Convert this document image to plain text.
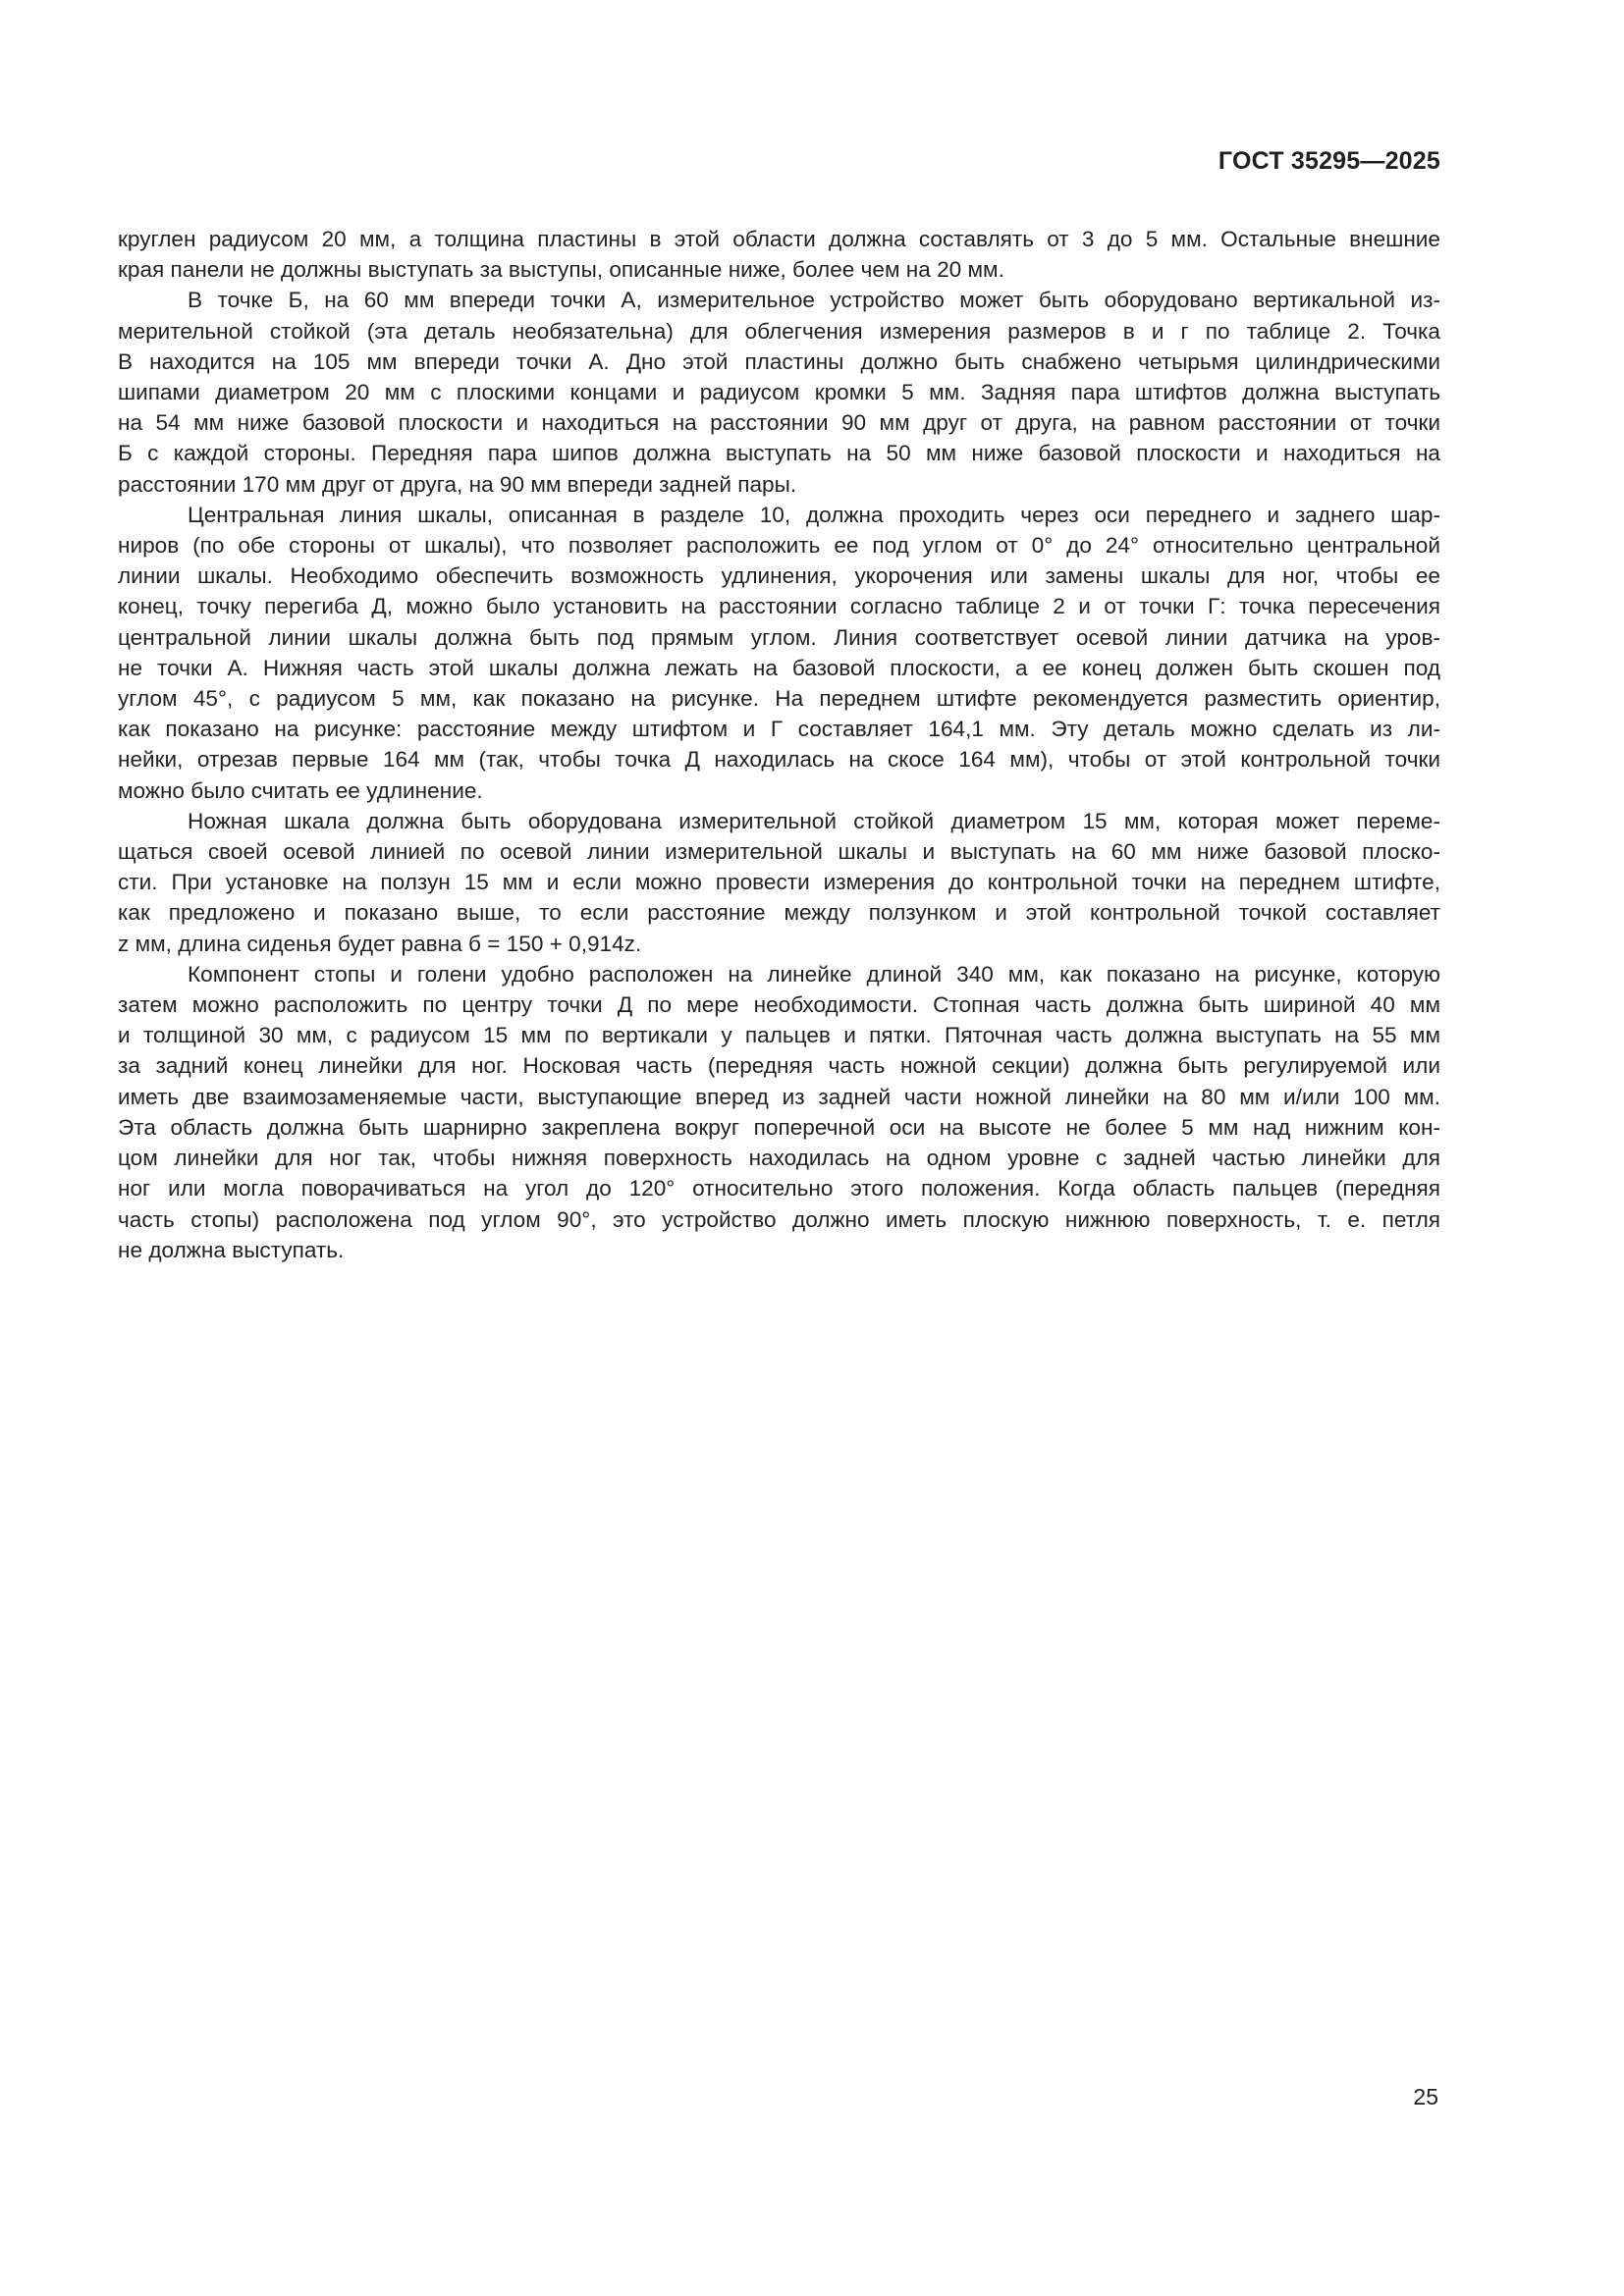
ГОСТ 35295—2025
круглен радиусом 20 мм, а толщина пластины в этой области должна составлять от 3 до 5 мм. Остальные внешние
края панели не должны выступать за выступы, описанные ниже, более чем на 20 мм.
В точке Б, на 60 мм впереди точки А, измерительное устройство может быть оборудовано вертикальной из-
мерительной стойкой (эта деталь необязательна) для облегчения измерения размеров в и г по таблице 2. Точка
В находится на 105 мм впереди точки А. Дно этой пластины должно быть снабжено четырьмя цилиндрическими
шипами диаметром 20 мм с плоскими концами и радиусом кромки 5 мм. Задняя пара штифтов должна выступать
на 54 мм ниже базовой плоскости и находиться на расстоянии 90 мм друг от друга, на равном расстоянии от точки
Б с каждой стороны. Передняя пара шипов должна выступать на 50 мм ниже базовой плоскости и находиться на
расстоянии 170 мм друг от друга, на 90 мм впереди задней пары.
Центральная линия шкалы, описанная в разделе 10, должна проходить через оси переднего и заднего шар-
ниров (по обе стороны от шкалы), что позволяет расположить ее под углом от 0° до 24° относительно центральной
линии шкалы. Необходимо обеспечить возможность удлинения, укорочения или замены шкалы для ног, чтобы ее
конец, точку перегиба Д, можно было установить на расстоянии согласно таблице 2 и от точки Г: точка пересечения
центральной линии шкалы должна быть под прямым углом. Линия соответствует осевой линии датчика на уров-
не точки А. Нижняя часть этой шкалы должна лежать на базовой плоскости, а ее конец должен быть скошен под
углом 45°, с радиусом 5 мм, как показано на рисунке. На переднем штифте рекомендуется разместить ориентир,
как показано на рисунке: расстояние между штифтом и Г составляет 164,1 мм. Эту деталь можно сделать из ли-
нейки, отрезав первые 164 мм (так, чтобы точка Д находилась на скосе 164 мм), чтобы от этой контрольной точки
можно было считать ее удлинение.
Ножная шкала должна быть оборудована измерительной стойкой диаметром 15 мм, которая может переме-
щаться своей осевой линией по осевой линии измерительной шкалы и выступать на 60 мм ниже базовой плоско-
сти. При установке на ползун 15 мм и если можно провести измерения до контрольной точки на переднем штифте,
как предложено и показано выше, то если расстояние между ползунком и этой контрольной точкой составляет
z мм, длина сиденья будет равна б = 150 + 0,914z.
Компонент стопы и голени удобно расположен на линейке длиной 340 мм, как показано на рисунке, которую
затем можно расположить по центру точки Д по мере необходимости. Стопная часть должна быть шириной 40 мм
и толщиной 30 мм, с радиусом 15 мм по вертикали у пальцев и пятки. Пяточная часть должна выступать на 55 мм
за задний конец линейки для ног. Носковая часть (передняя часть ножной секции) должна быть регулируемой или
иметь две взаимозаменяемые части, выступающие вперед из задней части ножной линейки на 80 мм и/или 100 мм.
Эта область должна быть шарнирно закреплена вокруг поперечной оси на высоте не более 5 мм над нижним кон-
цом линейки для ног так, чтобы нижняя поверхность находилась на одном уровне с задней частью линейки для
ног или могла поворачиваться на угол до 120° относительно этого положения. Когда область пальцев (передняя
часть стопы) расположена под углом 90°, это устройство должно иметь плоскую нижнюю поверхность, т. е. петля
не должна выступать.
25
